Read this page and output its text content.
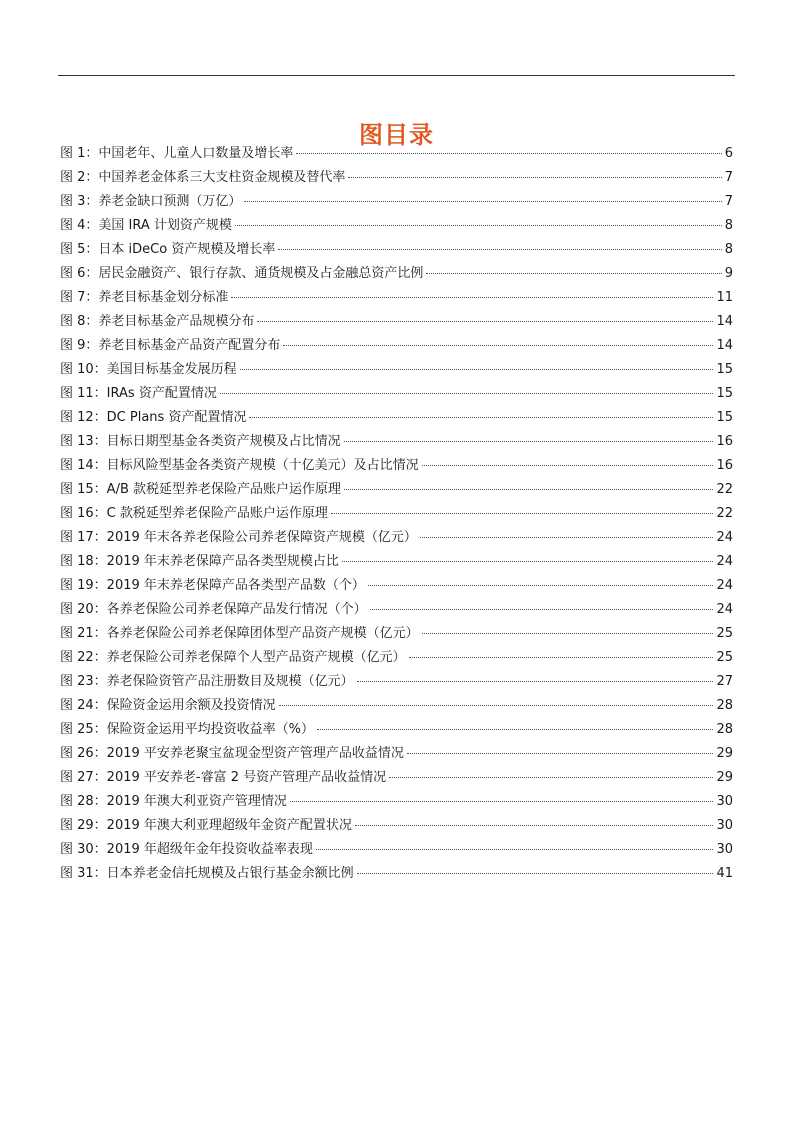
图目录
图 1：中国老年、儿童人口数量及增长率	6
图 2：中国养老金体系三大支柱资金规模及替代率	7
图 3：养老金缺口预测（万亿）	7
图 4：美国 IRA 计划资产规模	8
图 5：日本 iDeCo 资产规模及增长率	8
图 6：居民金融资产、银行存款、通货规模及占金融总资产比例	9
图 7：养老目标基金划分标准	11
图 8：养老目标基金产品规模分布	14
图 9：养老目标基金产品资产配置分布	14
图 10：美国目标基金发展历程	15
图 11：IRAs 资产配置情况	15
图 12：DC Plans 资产配置情况	15
图 13：目标日期型基金各类资产规模及占比情况	16
图 14：目标风险型基金各类资产规模（十亿美元）及占比情况	16
图 15：A/B 款税延型养老保险产品账户运作原理	22
图 16：C 款税延型养老保险产品账户运作原理	22
图 17：2019 年末各养老保险公司养老保障资产规模（亿元）	24
图 18：2019 年末养老保障产品各类型规模占比	24
图 19：2019 年末养老保障产品各类型产品数（个）	24
图 20：各养老保险公司养老保障产品发行情况（个）	24
图 21：各养老保险公司养老保障团体型产品资产规模（亿元）	25
图 22：养老保险公司养老保障个人型产品资产规模（亿元）	25
图 23：养老保险资管产品注册数目及规模（亿元）	27
图 24：保险资金运用余额及投资情况	28
图 25：保险资金运用平均投资收益率（%）	28
图 26：2019 平安养老聚宝盆现金型资产管理产品收益情况	29
图 27：2019 平安养老-睿富 2 号资产管理产品收益情况	29
图 28：2019 年澳大利亚资产管理情况	30
图 29：2019 年澳大利亚理超级年金资产配置状况	30
图 30：2019 年超级年金年投资收益率表现	30
图 31：日本养老金信托规模及占银行基金余额比例	41
